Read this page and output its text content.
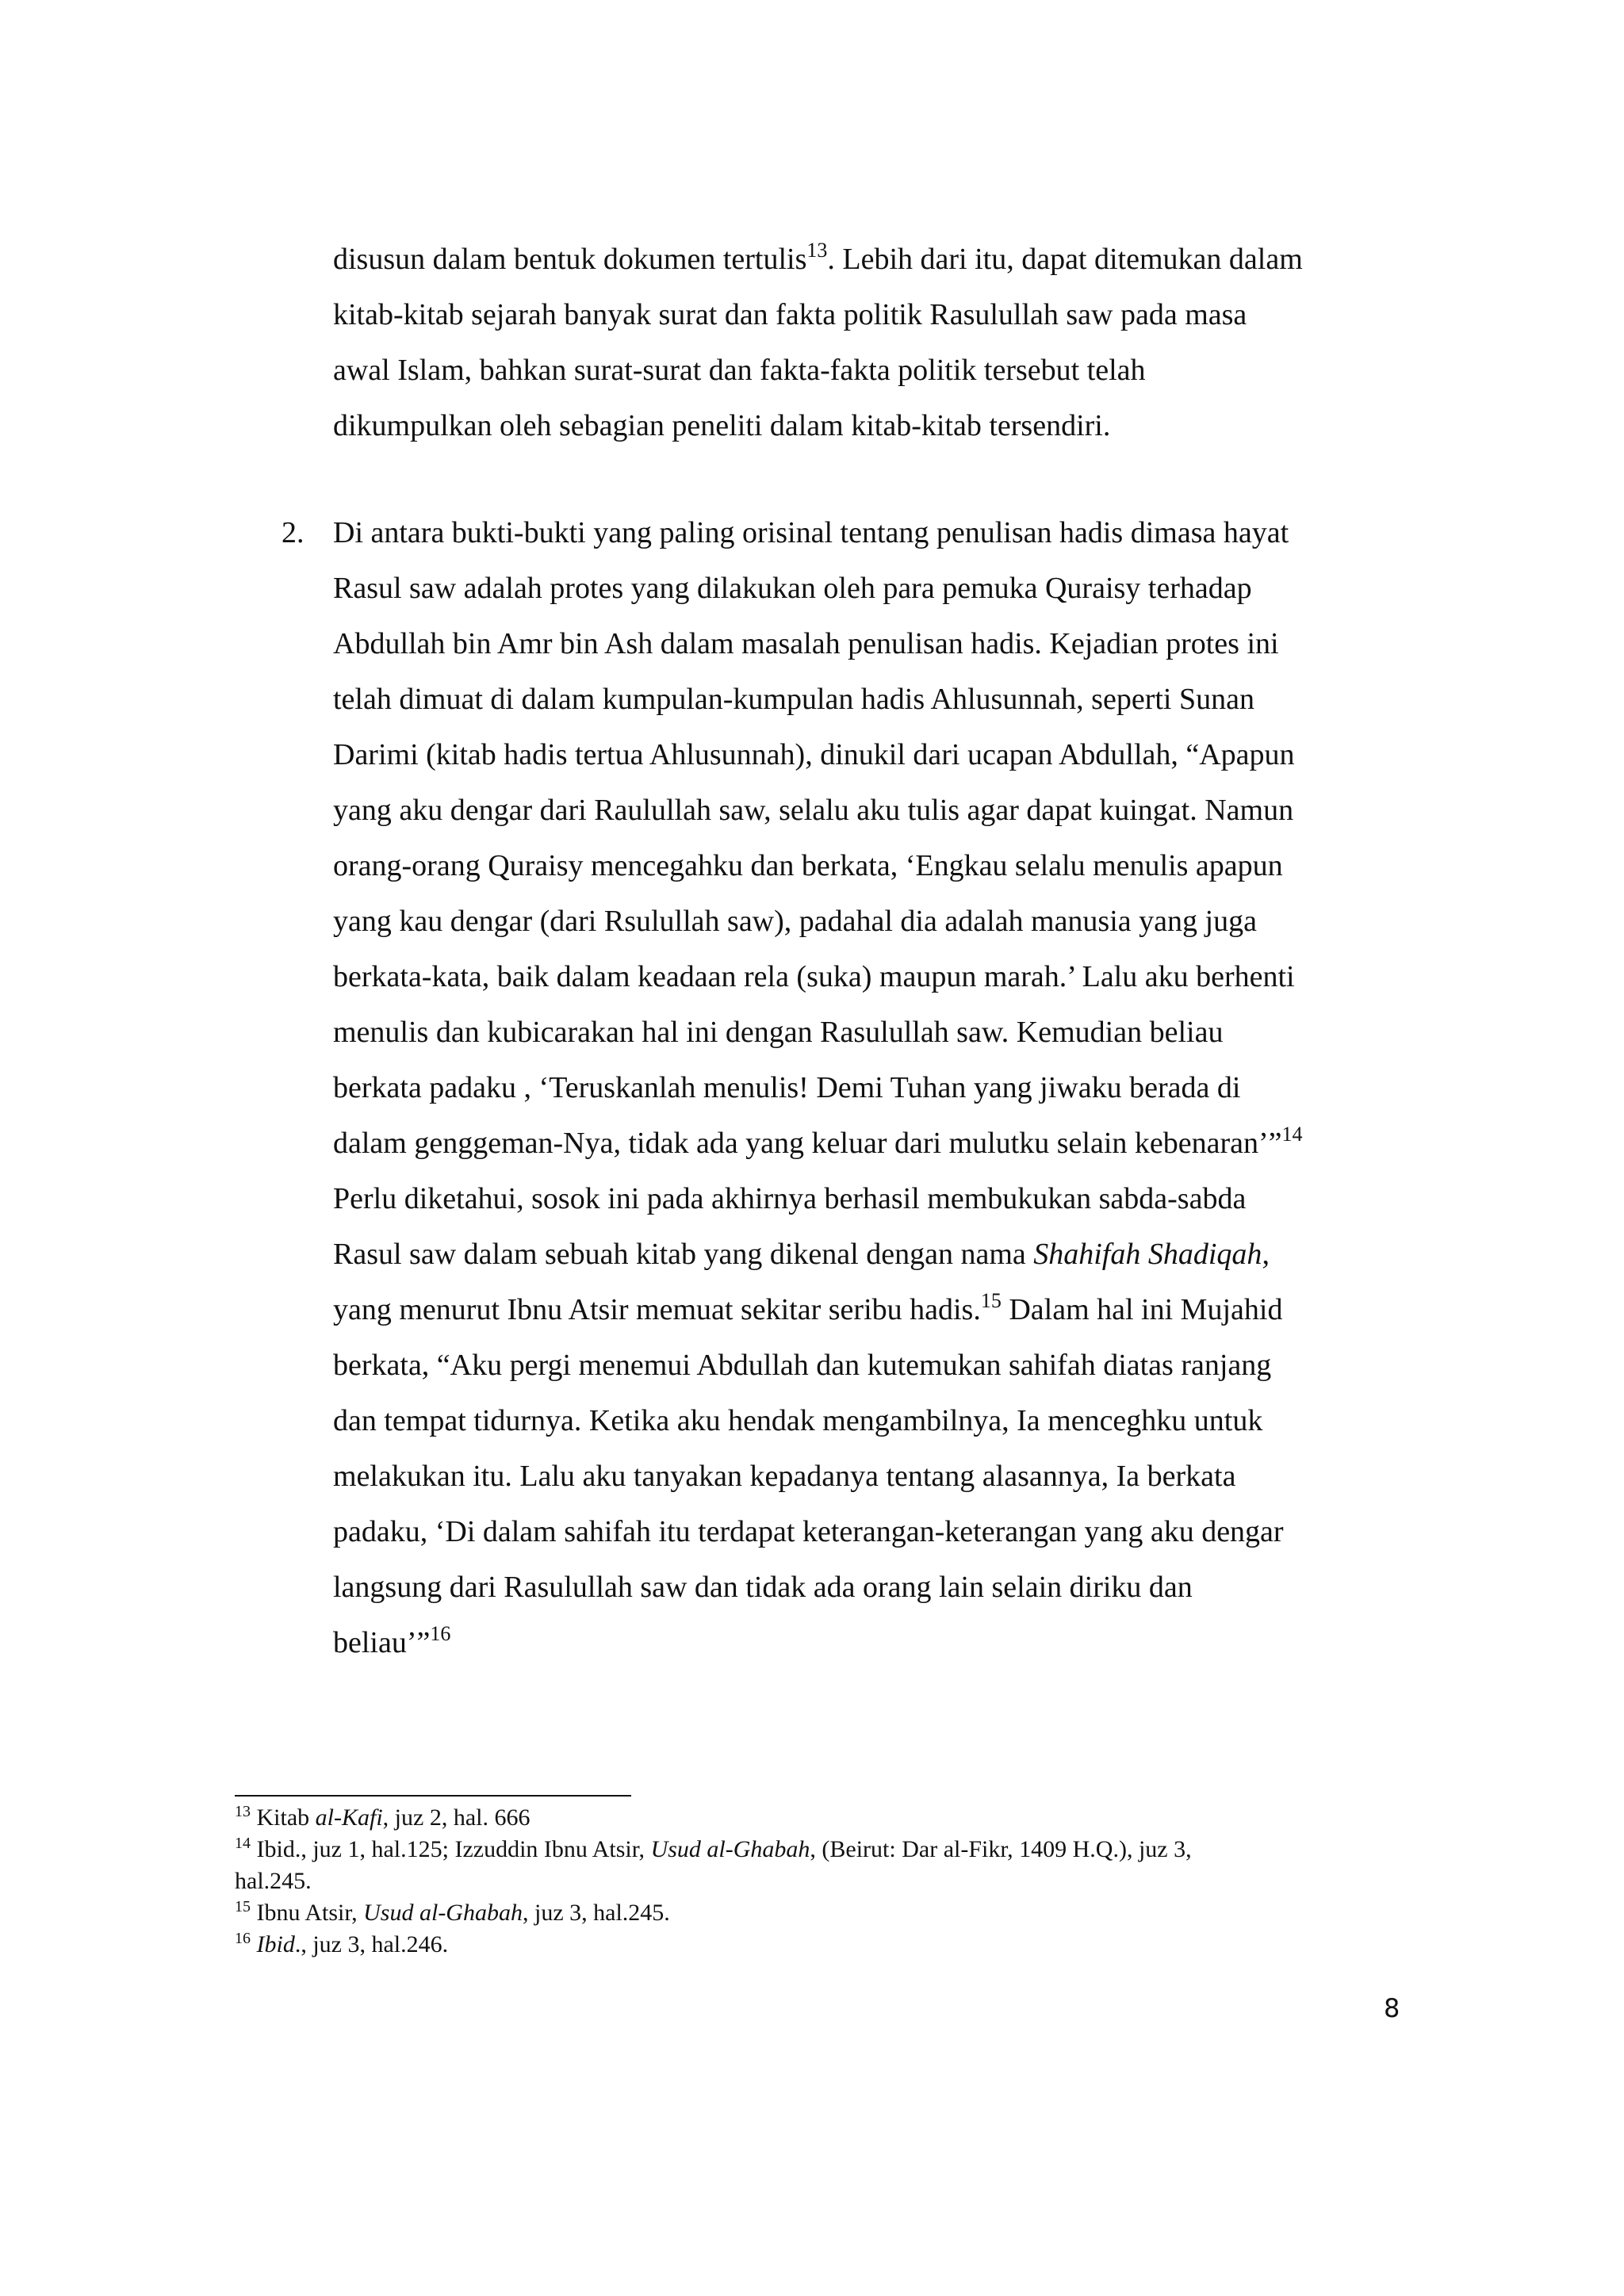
disusun dalam bentuk dokumen tertulis$^{13}$. Lebih dari itu, dapat ditemukan dalam
kitab-kitab sejarah banyak surat dan fakta politik Rasulullah saw pada masa
awal Islam, bahkan surat-surat dan fakta-fakta politik tersebut telah
dikumpulkan oleh sebagian peneliti dalam kitab-kitab tersendiri.
2. Di antara bukti-bukti yang paling orisinal tentang penulisan hadis dimasa hayat
Rasul saw adalah protes yang dilakukan oleh para pemuka Quraisy terhadap
Abdullah bin Amr bin Ash dalam masalah penulisan hadis. Kejadian protes ini
telah dimuat di dalam kumpulan-kumpulan hadis Ahlusunnah, seperti Sunan
Darimi (kitab hadis tertua Ahlusunnah), dinukil dari ucapan Abdullah, “Apapun
yang aku dengar dari Raulullah saw, selalu aku tulis agar dapat kuingat. Namun
orang-orang Quraisy mencegahku dan berkata, ‘Engkau selalu menulis apapun
yang kau dengar (dari Rsulullah saw), padahal dia adalah manusia yang juga
berkata-kata, baik dalam keadaan rela (suka) maupun marah.’ Lalu aku berhenti
menulis dan kubicarakan hal ini dengan Rasulullah saw. Kemudian beliau
berkata padaku , ‘Teruskanlah menulis! Demi Tuhan yang jiwaku berada di
dalam genggeman-Nya, tidak ada yang keluar dari mulutku selain kebenaran’”$^{14}$
Perlu diketahui, sosok ini pada akhirnya berhasil membukukan sabda-sabda
Rasul saw dalam sebuah kitab yang dikenal dengan nama Shahifah Shadiqah,
yang menurut Ibnu Atsir memuat sekitar seribu hadis.$^{15}$ Dalam hal ini Mujahid
berkata, “Aku pergi menemui Abdullah dan kutemukan sahifah diatas ranjang
dan tempat tidurnya. Ketika aku hendak mengambilnya, Ia menceghku untuk
melakukan itu. Lalu aku tanyakan kepadanya tentang alasannya, Ia berkata
padaku, ‘Di dalam sahifah itu terdapat keterangan-keterangan yang aku dengar
langsung dari Rasulullah saw dan tidak ada orang lain selain diriku dan
beliau’”$^{16}$
$^{13}$ Kitab al-Kafi, juz 2, hal. 666
$^{14}$ Ibid., juz 1, hal.125; Izzuddin Ibnu Atsir, Usud al-Ghabah, (Beirut: Dar al-Fikr, 1409 H.Q.), juz 3,
hal.245.
$^{15}$ Ibnu Atsir, Usud al-Ghabah, juz 3, hal.245.
$^{16}$ Ibid., juz 3, hal.246.
8
